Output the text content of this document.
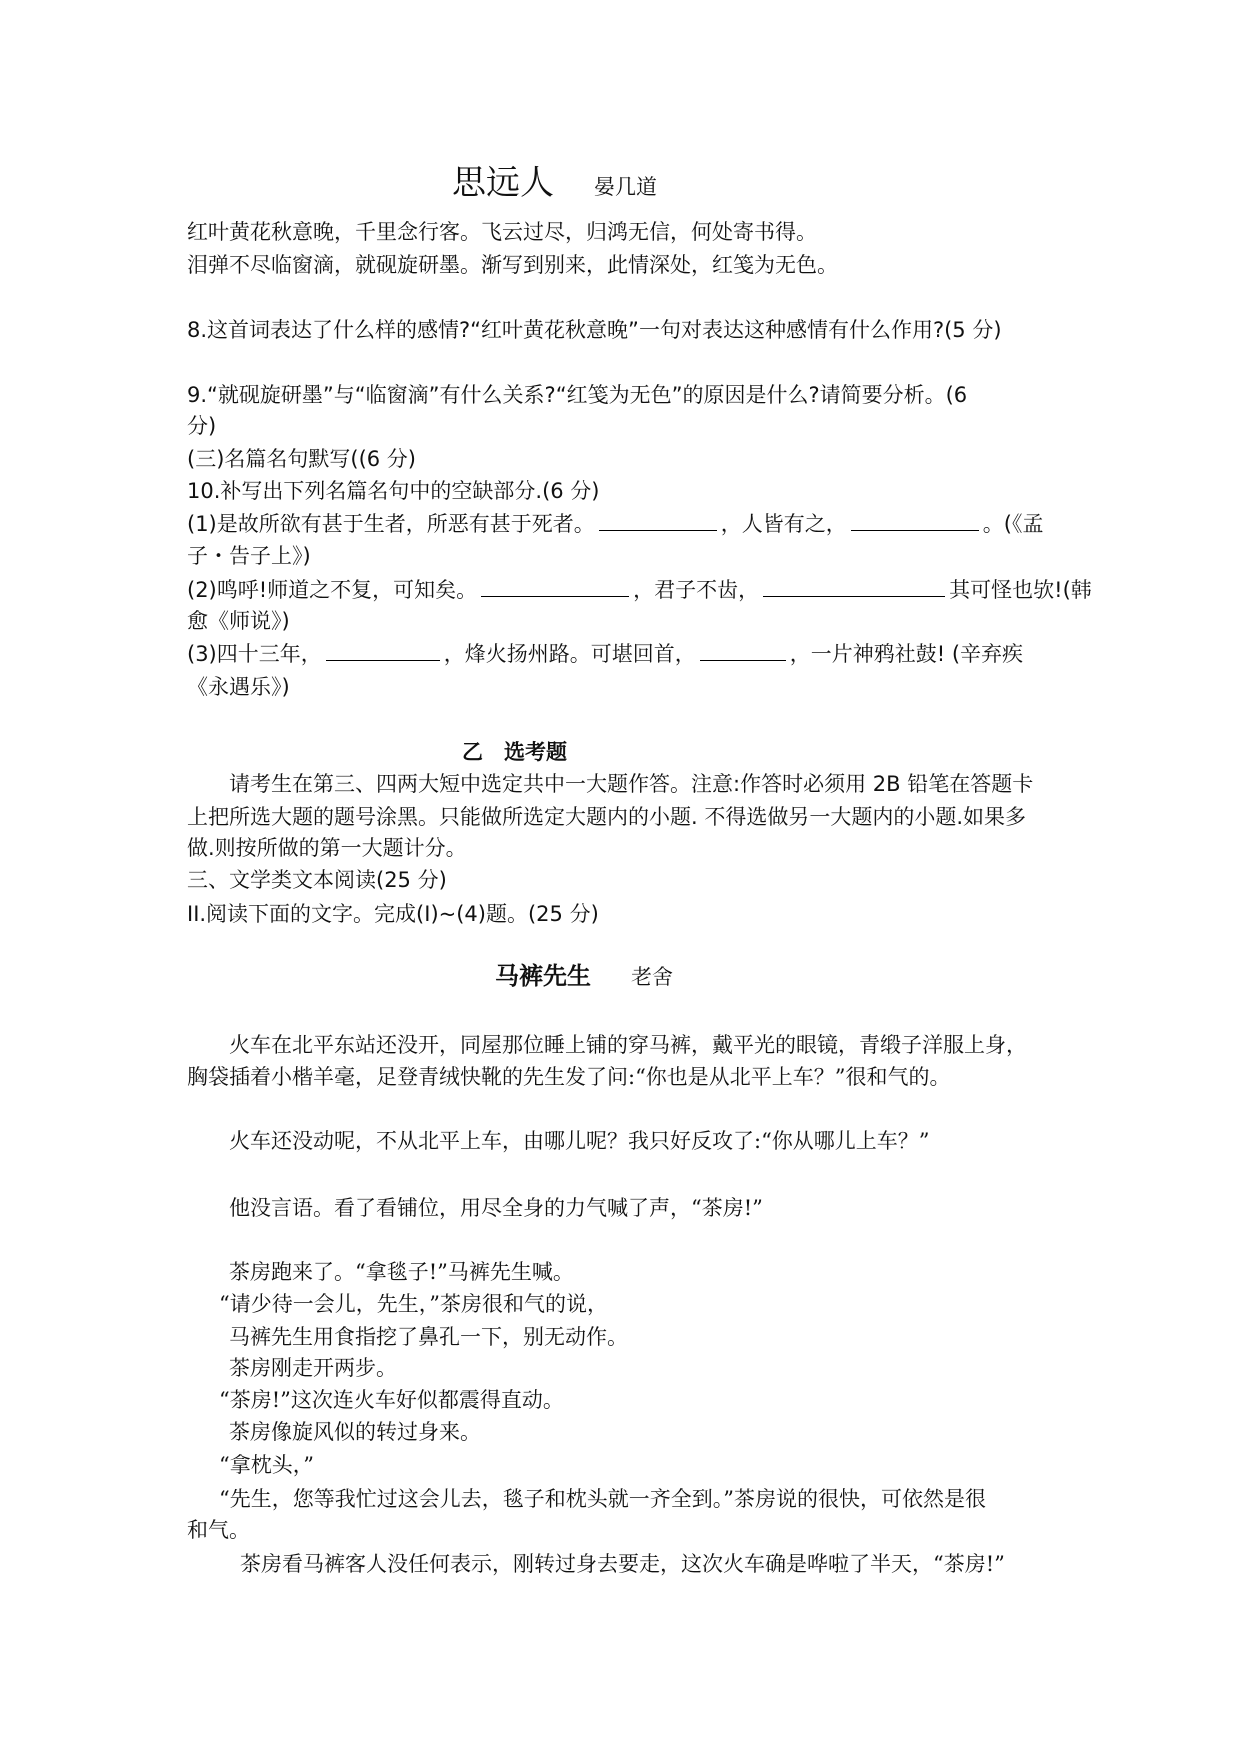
思远人 晏几道
红叶黄花秋意晚，千里念行客。飞云过尽，归鸿无信，何处寄书得。
泪弹不尽临窗滴，就砚旋研墨。渐写到别来，此情深处，红笺为无色。
8.这首词表达了什么样的感情?“红叶黄花秋意晚”一句对表达这种感情有什么作用?(5 分)
9.“就砚旋研墨”与“临窗滴”有什么关系?“红笺为无色”的原因是什么?请简要分析。(6
分)
(三)名篇名句默写((6 分)
10.补写出下列名篇名句中的空缺部分.(6 分)
(1)是故所欲有甚于生者，所恶有甚于死者。	，人皆有之，	。(《孟
子・告子上》)
(2)鸣呼!师道之不复，可知矣。	，君子不齿，	其可怪也欤!(韩
愈《师说》)
(3)四十三年，	，烽火扬州路。可堪回首，	，一片神鸦社鼓! (辛弃疾
《永遇乐》)
乙　选考题
请考生在第三、四两大短中选定共中一大题作答。注意:作答时必须用 2B 铅笔在答题卡
上把所选大题的题号涂黑。只能做所选定大题内的小题. 不得选做另一大题内的小题.如果多
做.则按所做的第一大题计分。
三、文学类文本阅读(25 分)
II.阅读下面的文字。完成(I)~(4)题。(25 分)
马裤先生 老舍
火车在北平东站还没开，同屋那位睡上铺的穿马裤，戴平光的眼镜，青缎子洋服上身，
胸袋插着小楷羊毫，足登青绒快靴的先生发了问:“你也是从北平上车？”很和气的。
火车还没动呢，不从北平上车，由哪儿呢？我只好反攻了:“你从哪儿上车？”
他没言语。看了看铺位，用尽全身的力气喊了声，“茶房!”
茶房跑来了。“拿毯子!”马裤先生喊。
“请少待一会儿，先生，”茶房很和气的说，
马裤先生用食指挖了鼻孔一下，别无动作。
茶房刚走开两步。
“茶房!”这次连火车好似都震得直动。
茶房像旋风似的转过身来。
“拿枕头，”
“先生，您等我忙过这会儿去，毯子和枕头就一齐全到。”茶房说的很快，可依然是很
和气。
茶房看马裤客人没任何表示，刚转过身去要走，这次火车确是哗啦了半天，“茶房!”
